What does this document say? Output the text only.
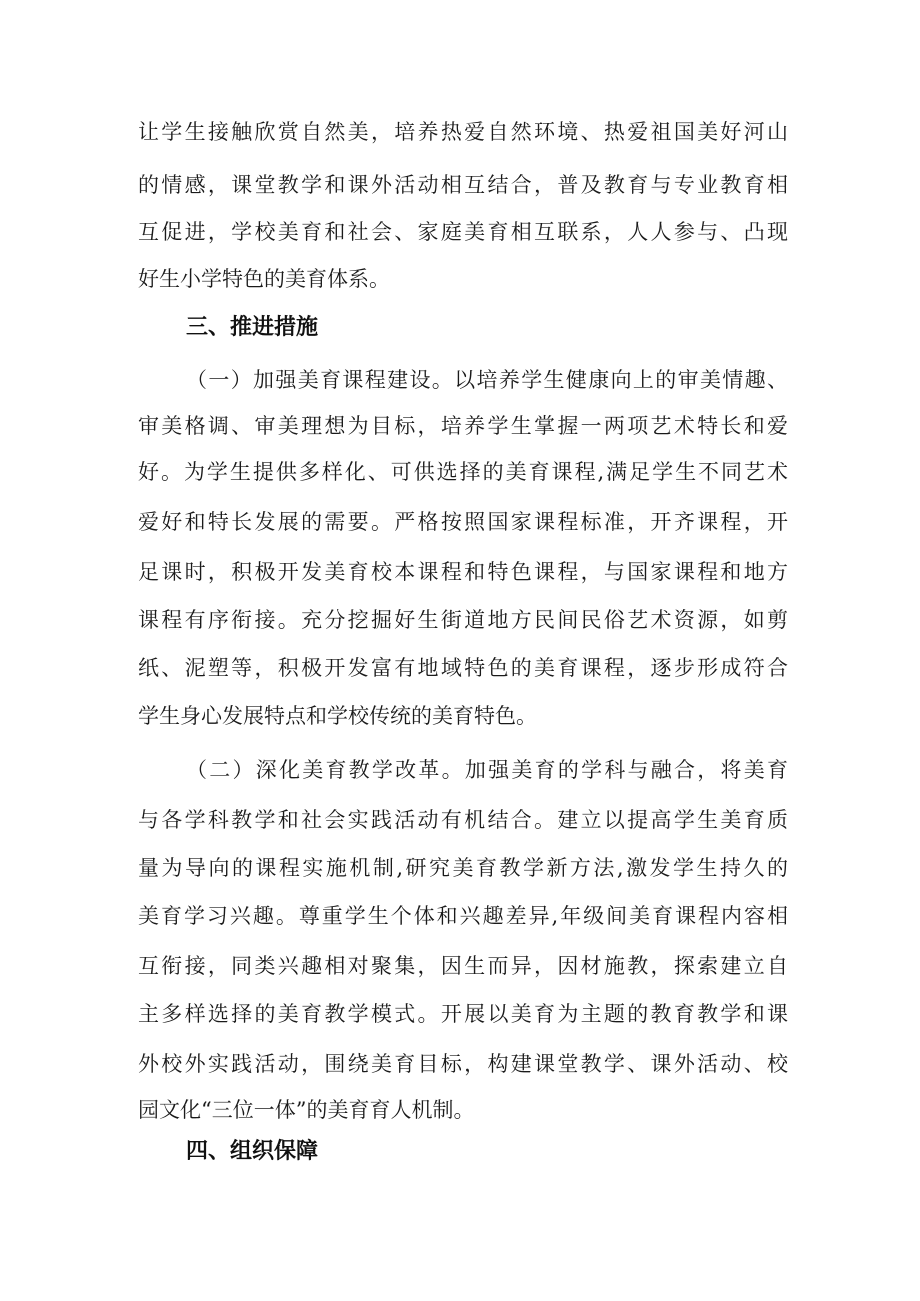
让学生接触欣赏自然美，培养热爱自然环境、热爱祖国美好河山
的情感，课堂教学和课外活动相互结合，普及教育与专业教育相
互促进，学校美育和社会、家庭美育相互联系，人人参与、凸现
好生小学特色的美育体系。
三、推进措施
（一）加强美育课程建设。以培养学生健康向上的审美情趣、
审美格调、审美理想为目标，培养学生掌握一两项艺术特长和爱
好。为学生提供多样化、可供选择的美育课程,满足学生不同艺术
爱好和特长发展的需要。严格按照国家课程标准，开齐课程，开
足课时，积极开发美育校本课程和特色课程，与国家课程和地方
课程有序衔接。充分挖掘好生街道地方民间民俗艺术资源，如剪
纸、泥塑等，积极开发富有地域特色的美育课程，逐步形成符合
学生身心发展特点和学校传统的美育特色。
（二）深化美育教学改革。加强美育的学科与融合，将美育
与各学科教学和社会实践活动有机结合。建立以提高学生美育质
量为导向的课程实施机制,研究美育教学新方法,激发学生持久的
美育学习兴趣。尊重学生个体和兴趣差异,年级间美育课程内容相
互衔接，同类兴趣相对聚集，因生而异，因材施教，探索建立自
主多样选择的美育教学模式。开展以美育为主题的教育教学和课
外校外实践活动，围绕美育目标，构建课堂教学、课外活动、校
园文化“三位一体”的美育育人机制。
四、组织保障
